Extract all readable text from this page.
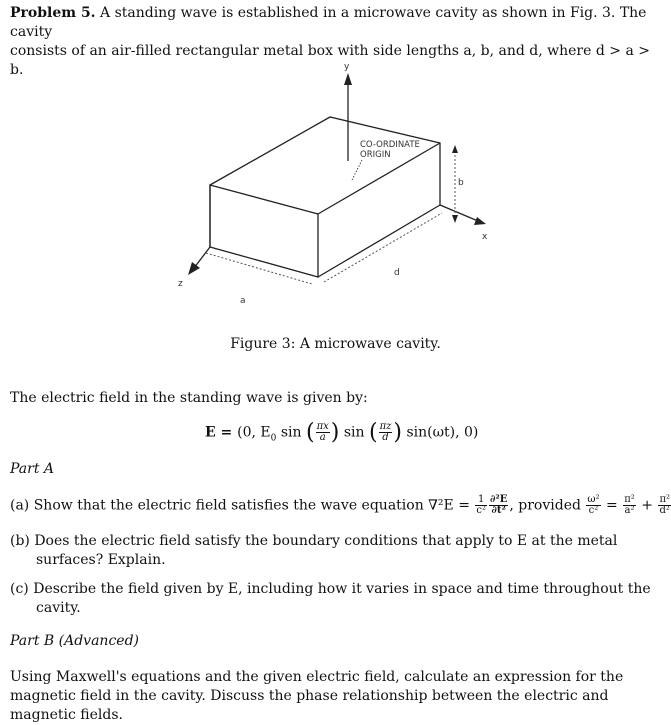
Problem 5. A standing wave is established in a microwave cavity as shown in Fig. 3. The cavity
consists of an air-filled rectangular metal box with side lengths a, b, and d, where d > a > b.	y
x
z
a
d
b
CO-ORDINATE
ORIGIN
Figure 3: A microwave cavity.
The electric field in the standing wave is given by:
E = (0, $E_0$ sin ( $\frac{\pi x}{a}$ ) sin ( $\frac{\pi z}{d}$ ) sin(ωt), 0)
Part A
(a) Show that the electric field satisfies the wave equation $\nabla^2E = \frac{1}{\text{c²}} \frac{\text{∂²E}}{\text{∂t²}}$ , provided $\frac{\text{ω²}}{\text{c²}} = \frac{\text{π²}}{\text{a²}} + \frac{\text{π²}}{\text{d²}}$
(b) Does the electric field satisfy the boundary conditions that apply to E at the metal surfaces? Explain.
(c) Describe the field given by E, including how it varies in space and time throughout the cavity.
Part B (Advanced)
Using Maxwell's equations and the given electric field, calculate an expression for the magnetic field in the cavity. Discuss the phase relationship between the electric and magnetic fields.
